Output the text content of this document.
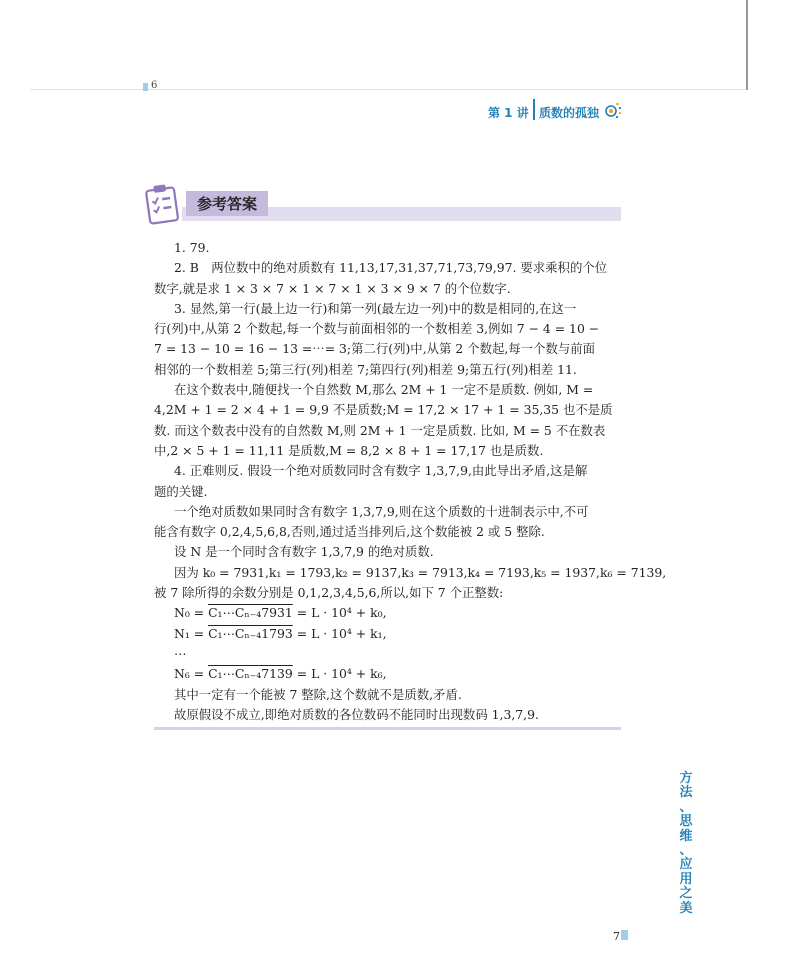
6
第 1 讲 质数的孤独
参考答案

1. 79.

2. B　两位数中的绝对质数有 11,13,17,31,37,71,73,79,97. 要求乘积的个位

数字,就是求 1 × 3 × 7 × 1 × 7 × 1 × 3 × 9 × 7 的个位数字.

3. 显然,第一行(最上边一行)和第一列(最左边一列)中的数是相同的,在这一

行(列)中,从第 2 个数起,每一个数与前面相邻的一个数相差 3,例如 7 − 4 = 10 −

7 = 13 − 10 = 16 − 13 =⋯= 3;第二行(列)中,从第 2 个数起,每一个数与前面

相邻的一个数相差 5;第三行(列)相差 7;第四行(列)相差 9;第五行(列)相差 11.

在这个数表中,随便找一个自然数 M,那么 2M + 1 一定不是质数. 例如, M =

4,2M + 1 = 2 × 4 + 1 = 9,9 不是质数;M = 17,2 × 17 + 1 = 35,35 也不是质

数. 而这个数表中没有的自然数 M,则 2M + 1 一定是质数. 比如, M = 5 不在数表

中,2 × 5 + 1 = 11,11 是质数,M = 8,2 × 8 + 1 = 17,17 也是质数.

4. 正难则反. 假设一个绝对质数同时含有数字 1,3,7,9,由此导出矛盾,这是解

题的关键.

一个绝对质数如果同时含有数字 1,3,7,9,则在这个质数的十进制表示中,不可

能含有数字 0,2,4,5,6,8,否则,通过适当排列后,这个数能被 2 或 5 整除.

设 N 是一个同时含有数字 1,3,7,9 的绝对质数.

因为 k₀ = 7931,k₁ = 1793,k₂ = 9137,k₃ = 7913,k₄ = 7193,k₅ = 1937,k₆ = 7139,

被 7 除所得的余数分别是 0,1,2,3,4,5,6,所以,如下 7 个正整数:

N₀ = C₁⋯Cₙ₋₄7931 = L · 10⁴ + k₀,

N₁ = C₁⋯Cₙ₋₄1793 = L · 10⁴ + k₁,

⋯

N₆ = C₁⋯Cₙ₋₄7139 = L · 10⁴ + k₆,

其中一定有一个能被 7 整除,这个数就不是质数,矛盾.

故原假设不成立,即绝对质数的各位数码不能同时出现数码 1,3,7,9.

方
法
、
思
维
、
应
用
之
美
7
